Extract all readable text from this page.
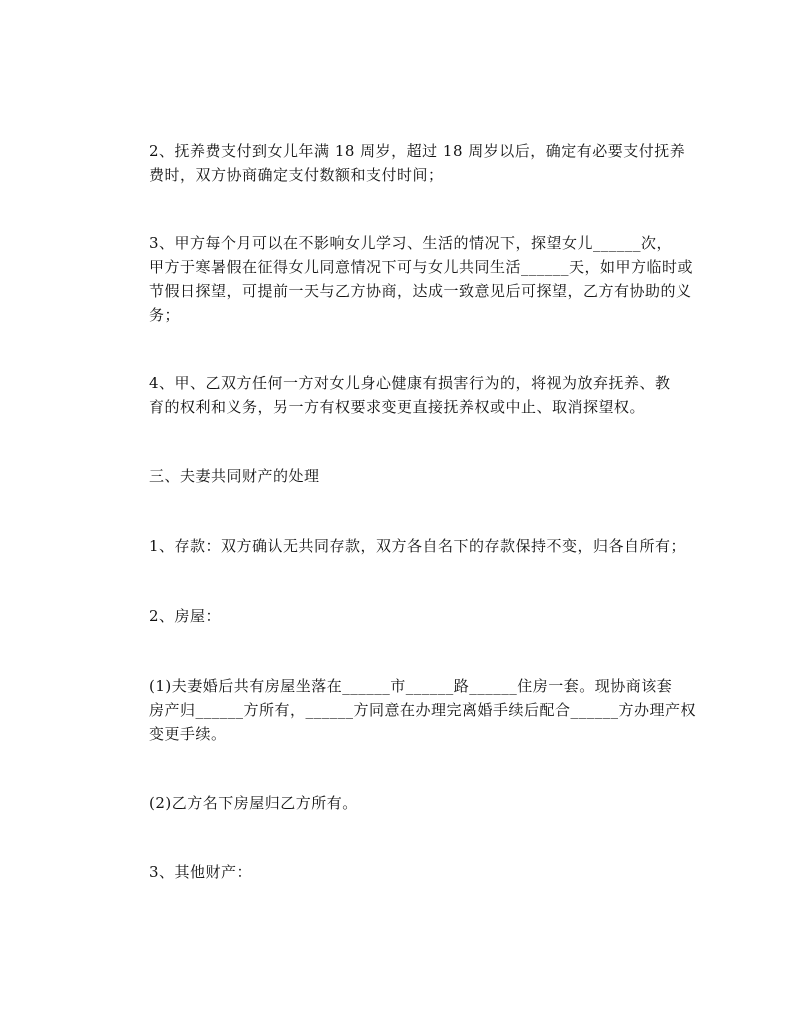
2、抚养费支付到女儿年满 18 周岁，超过 18 周岁以后，确定有必要支付抚养
费时，双方协商确定支付数额和支付时间；

3、甲方每个月可以在不影响女儿学习、生活的情况下，探望女儿______次，
甲方于寒暑假在征得女儿同意情况下可与女儿共同生活______天，如甲方临时或
节假日探望，可提前一天与乙方协商，达成一致意见后可探望，乙方有协助的义
务；

4、甲、乙双方任何一方对女儿身心健康有损害行为的，将视为放弃抚养、教
育的权利和义务，另一方有权要求变更直接抚养权或中止、取消探望权。

三、夫妻共同财产的处理

1、存款：双方确认无共同存款，双方各自名下的存款保持不变，归各自所有；

2、房屋：

(1)夫妻婚后共有房屋坐落在______市______路______住房一套。现协商该套
房产归______方所有，______方同意在办理完离婚手续后配合______方办理产权
变更手续。

(2)乙方名下房屋归乙方所有。

3、其他财产：
